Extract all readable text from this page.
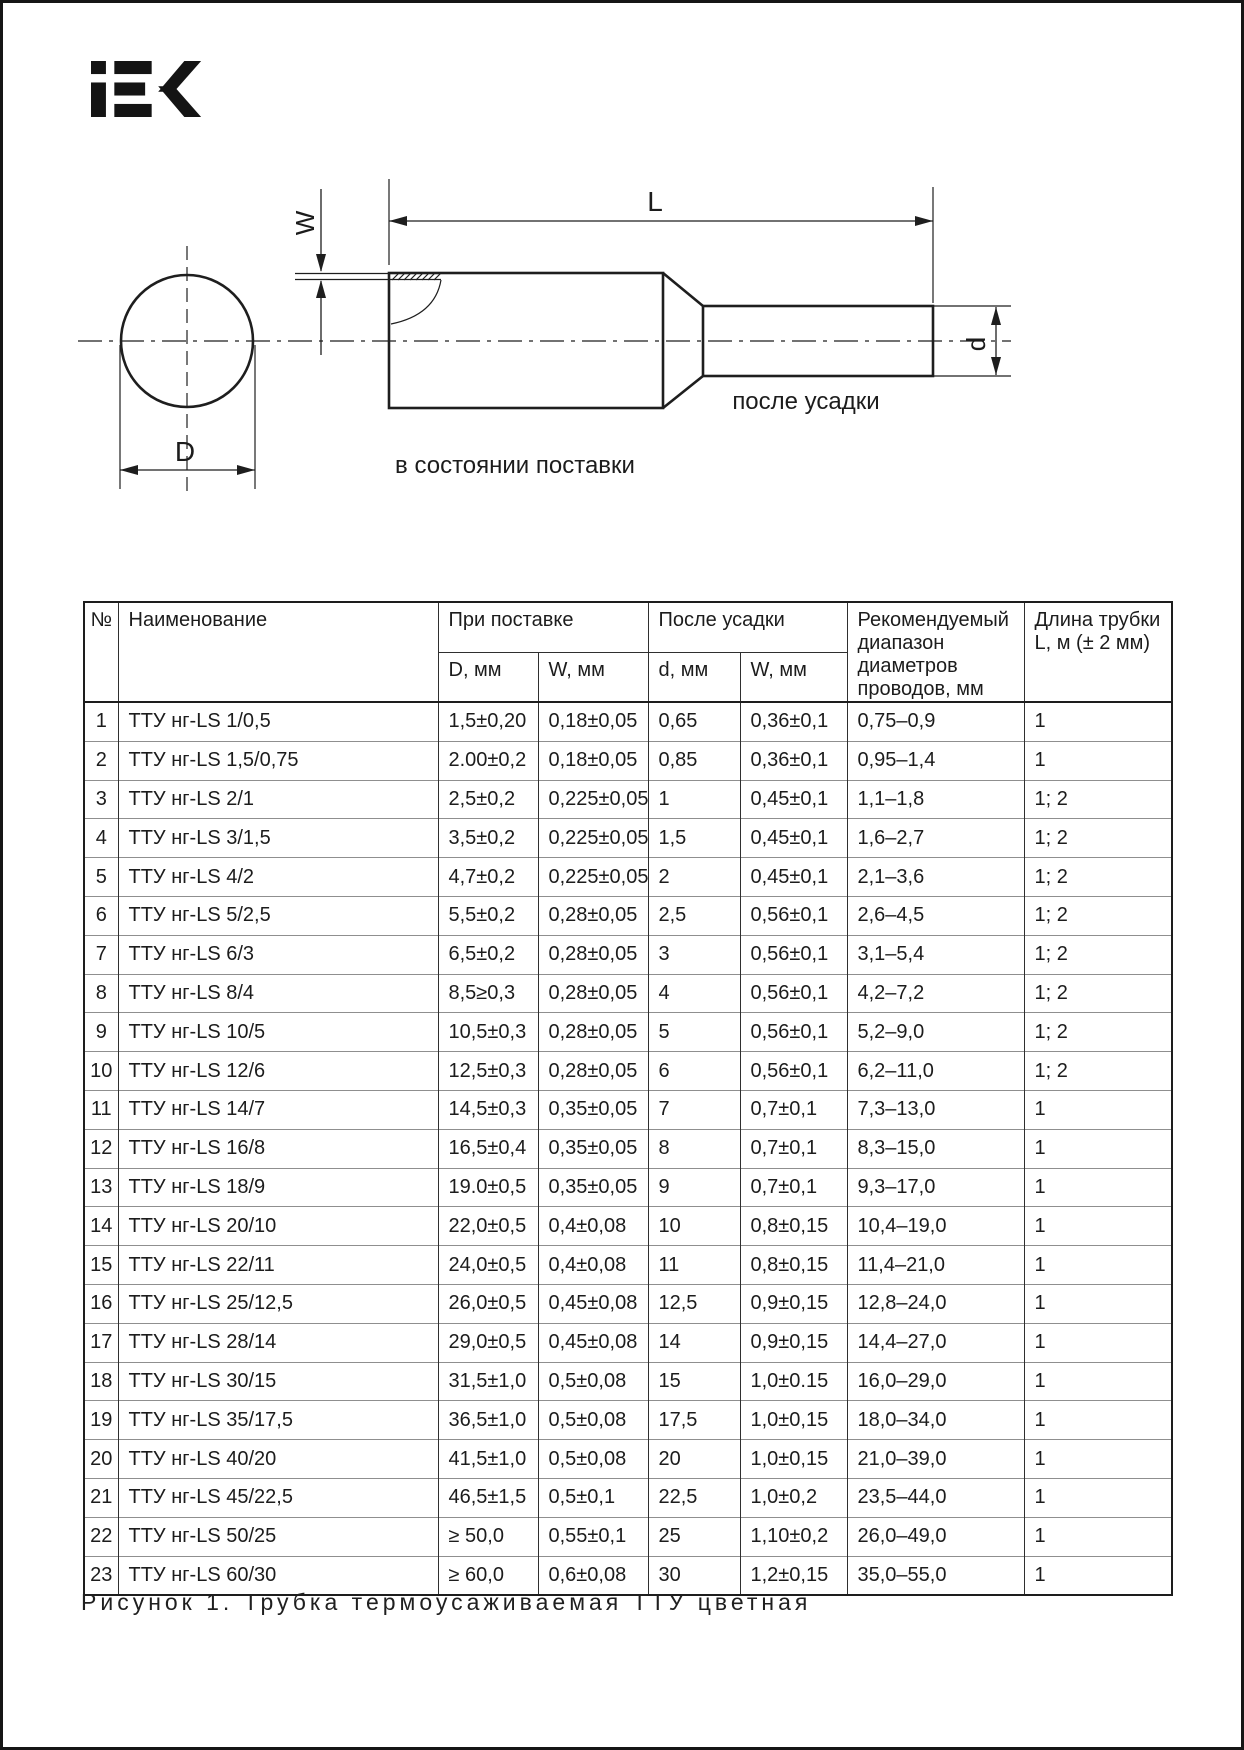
D
L
W
d
в состоянии поставки
после усадки
№	Наименование	При поставке		После усадки		Рекомендуемый диапазон диаметров проводов, мм	Длина трубки L, м (± 2 мм)
		D, мм	W, мм	d, мм	W, мм		
1	ТТУ нг-LS 1/0,5	1,5±0,20	0,18±0,05	0,65	0,36±0,1	0,75–0,9	1
2	ТТУ нг-LS 1,5/0,75	2.00±0,2	0,18±0,05	0,85	0,36±0,1	0,95–1,4	1
3	ТТУ нг-LS 2/1	2,5±0,2	0,225±0,05	1	0,45±0,1	1,1–1,8	1; 2
4	ТТУ нг-LS 3/1,5	3,5±0,2	0,225±0,05	1,5	0,45±0,1	1,6–2,7	1; 2
5	ТТУ нг-LS 4/2	4,7±0,2	0,225±0,05	2	0,45±0,1	2,1–3,6	1; 2
6	ТТУ нг-LS 5/2,5	5,5±0,2	0,28±0,05	2,5	0,56±0,1	2,6–4,5	1; 2
7	ТТУ нг-LS 6/3	6,5±0,2	0,28±0,05	3	0,56±0,1	3,1–5,4	1; 2
8	ТТУ нг-LS 8/4	8,5≥0,3	0,28±0,05	4	0,56±0,1	4,2–7,2	1; 2
9	ТТУ нг-LS 10/5	10,5±0,3	0,28±0,05	5	0,56±0,1	5,2–9,0	1; 2
10	ТТУ нг-LS 12/6	12,5±0,3	0,28±0,05	6	0,56±0,1	6,2–11,0	1; 2
11	ТТУ нг-LS 14/7	14,5±0,3	0,35±0,05	7	0,7±0,1	7,3–13,0	1
12	ТТУ нг-LS 16/8	16,5±0,4	0,35±0,05	8	0,7±0,1	8,3–15,0	1
13	ТТУ нг-LS 18/9	19.0±0,5	0,35±0,05	9	0,7±0,1	9,3–17,0	1
14	ТТУ нг-LS 20/10	22,0±0,5	0,4±0,08	10	0,8±0,15	10,4–19,0	1
15	ТТУ нг-LS 22/11	24,0±0,5	0,4±0,08	11	0,8±0,15	11,4–21,0	1
16	ТТУ нг-LS 25/12,5	26,0±0,5	0,45±0,08	12,5	0,9±0,15	12,8–24,0	1
17	ТТУ нг-LS 28/14	29,0±0,5	0,45±0,08	14	0,9±0,15	14,4–27,0	1
18	ТТУ нг-LS 30/15	31,5±1,0	0,5±0,08	15	1,0±0.15	16,0–29,0	1
19	ТТУ нг-LS 35/17,5	36,5±1,0	0,5±0,08	17,5	1,0±0,15	18,0–34,0	1
20	ТТУ нг-LS 40/20	41,5±1,0	0,5±0,08	20	1,0±0,15	21,0–39,0	1
21	ТТУ нг-LS 45/22,5	46,5±1,5	0,5±0,1	22,5	1,0±0,2	23,5–44,0	1
22	ТТУ нг-LS 50/25	≥ 50,0	0,55±0,1	25	1,10±0,2	26,0–49,0	1
23	ТТУ нг-LS 60/30	≥ 60,0	0,6±0,08	30	1,2±0,15	35,0–55,0	1
Рисунок 1. Трубка термоусаживаемая ТТУ цветная
